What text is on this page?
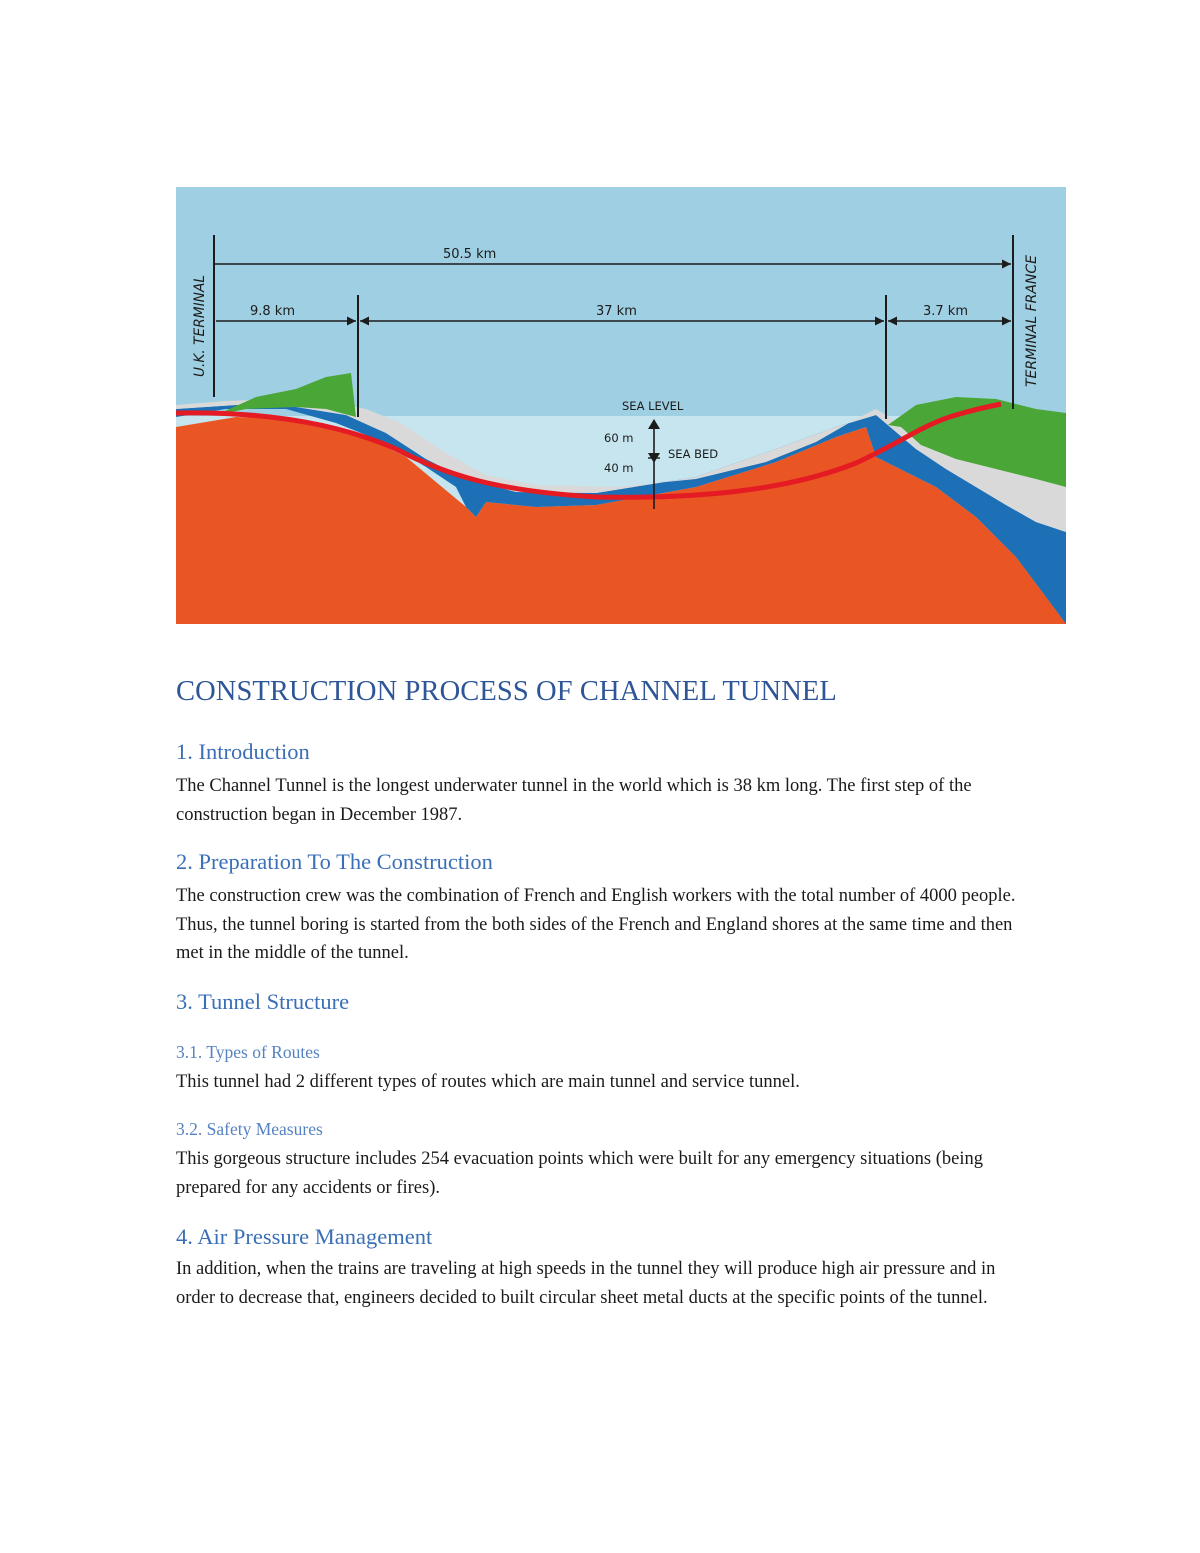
50.5 km
9.8 km	37 km	3.7 km
U.K. TERMINAL	TERMINAL FRANCE
SEA LEVEL
60 m
SEA BED
40 m
CONSTRUCTION PROCESS OF CHANNEL TUNNEL
1. Introduction

The Channel Tunnel is the longest underwater tunnel in the world which is 38 km long. The first step of the construction began in December 1987.

2. Preparation To The Construction

The construction crew was the combination of French and English workers with the total number of 4000 people. Thus, the tunnel boring is started from the both sides of the French and England shores at the same time and then met in the middle of the tunnel.

3. Tunnel Structure
3.1. Types of Routes

This tunnel had 2 different types of routes which are main tunnel and service tunnel.

3.2. Safety Measures

This gorgeous structure includes 254 evacuation points which were built for any emergency situations (being prepared for any accidents or fires).

4. Air Pressure Management

In addition, when the trains are traveling at high speeds in the tunnel they will produce high air pressure and in order to decrease that, engineers decided to built circular sheet metal ducts at the specific points of the tunnel.
